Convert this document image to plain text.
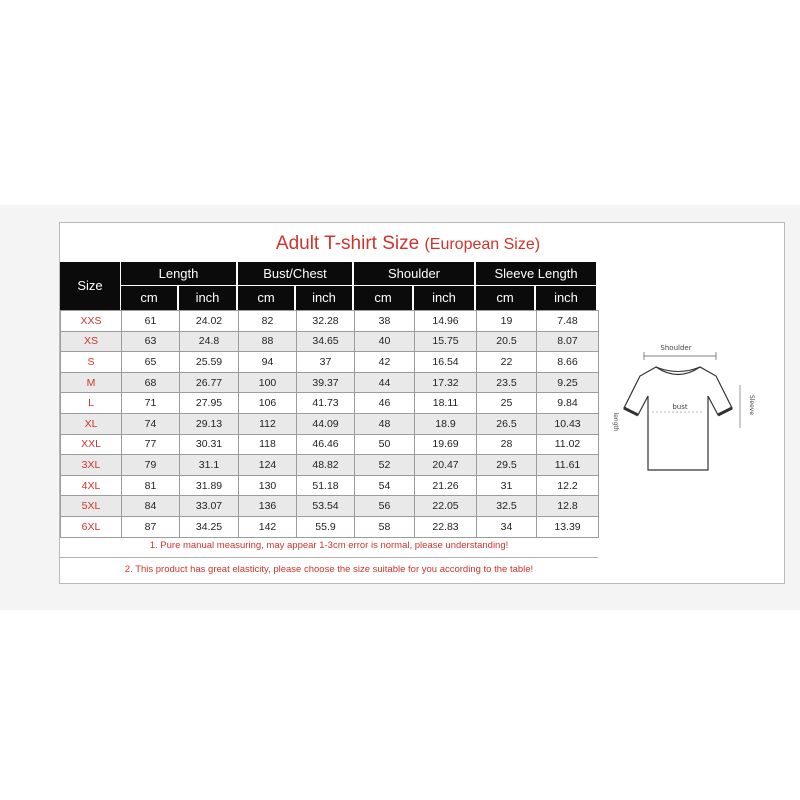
Adult T-shirt Size (European Size)
Size
Length	Bust/Chest	Shoulder	Sleeve Length
cm	inch	cm	inch	cm	inch	cm	inch
XXS	61	24.02	82	32.28	38	14.96	19	7.48
XS	63	24.8	88	34.65	40	15.75	20.5	8.07
S	65	25.59	94	37	42	16.54	22	8.66
M	68	26.77	100	39.37	44	17.32	23.5	9.25
L	71	27.95	106	41.73	46	18.11	25	9.84
XL	74	29.13	112	44.09	48	18.9	26.5	10.43
XXL	77	30.31	118	46.46	50	19.69	28	11.02
3XL	79	31.1	124	48.82	52	20.47	29.5	11.61
4XL	81	31.89	130	51.18	54	21.26	31	12.2
5XL	84	33.07	136	53.54	56	22.05	32.5	12.8
6XL	87	34.25	142	55.9	58	22.83	34	13.39
1. Pure manual measuring, may appear 1-3cm error is normal, please understanding!
2. This product has great elasticity, please choose the size suitable for you according to the table!
Shoulder
bust
length
Sleeve
